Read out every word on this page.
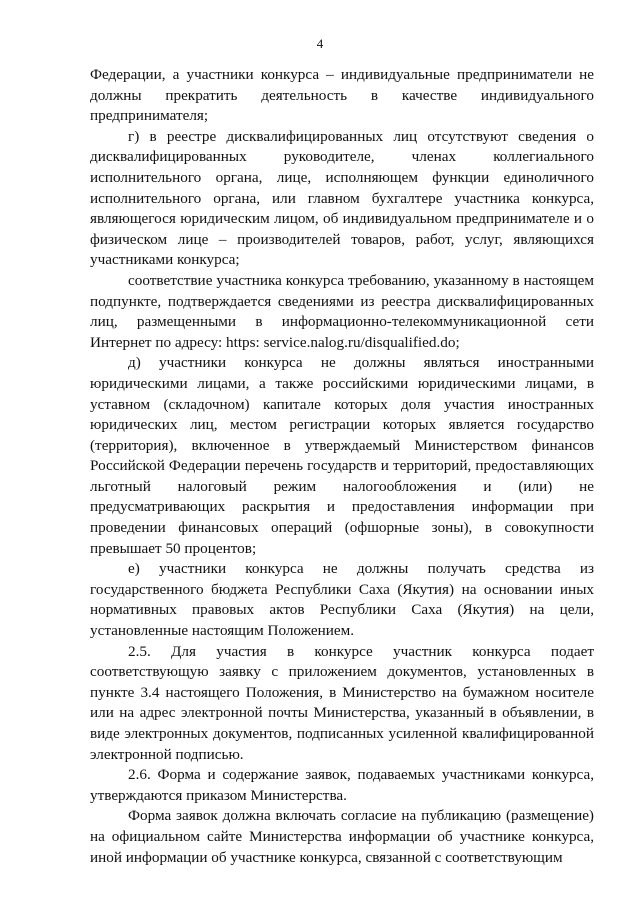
4

Федерации, а участники конкурса – индивидуальные предприниматели не должны прекратить деятельность в качестве индивидуального предпринимателя;

г) в реестре дисквалифицированных лиц отсутствуют сведения о дисквалифицированных руководителе, членах коллегиального исполнительного органа, лице, исполняющем функции единоличного исполнительного органа, или главном бухгалтере участника конкурса, являющегося юридическим лицом, об индивидуальном предпринимателе и о физическом лице – производителей товаров, работ, услуг, являющихся участниками конкурса;

соответствие участника конкурса требованию, указанному в настоящем подпункте, подтверждается сведениями из реестра дисквалифицированных лиц, размещенными в информационно-телекоммуникационной сети Интернет по адресу: https: service.nalog.ru/disqualified.do;

д) участники конкурса не должны являться иностранными юридическими лицами, а также российскими юридическими лицами, в уставном (складочном) капитале которых доля участия иностранных юридических лиц, местом регистрации которых является государство (территория), включенное в утверждаемый Министерством финансов Российской Федерации перечень государств и территорий, предоставляющих льготный налоговый режим налогообложения и (или) не предусматривающих раскрытия и предоставления информации при проведении финансовых операций (офшорные зоны), в совокупности превышает 50 процентов;

е) участники конкурса не должны получать средства из государственного бюджета Республики Саха (Якутия) на основании иных нормативных правовых актов Республики Саха (Якутия) на цели, установленные настоящим Положением.

2.5. Для участия в конкурсе участник конкурса подает соответствующую заявку с приложением документов, установленных в пункте 3.4 настоящего Положения, в Министерство на бумажном носителе или на адрес электронной почты Министерства, указанный в объявлении, в виде электронных документов, подписанных усиленной квалифицированной электронной подписью.

2.6. Форма и содержание заявок, подаваемых участниками конкурса, утверждаются приказом Министерства.

Форма заявок должна включать согласие на публикацию (размещение) на официальном сайте Министерства информации об участнике конкурса, иной информации об участнике конкурса, связанной с соответствующим
